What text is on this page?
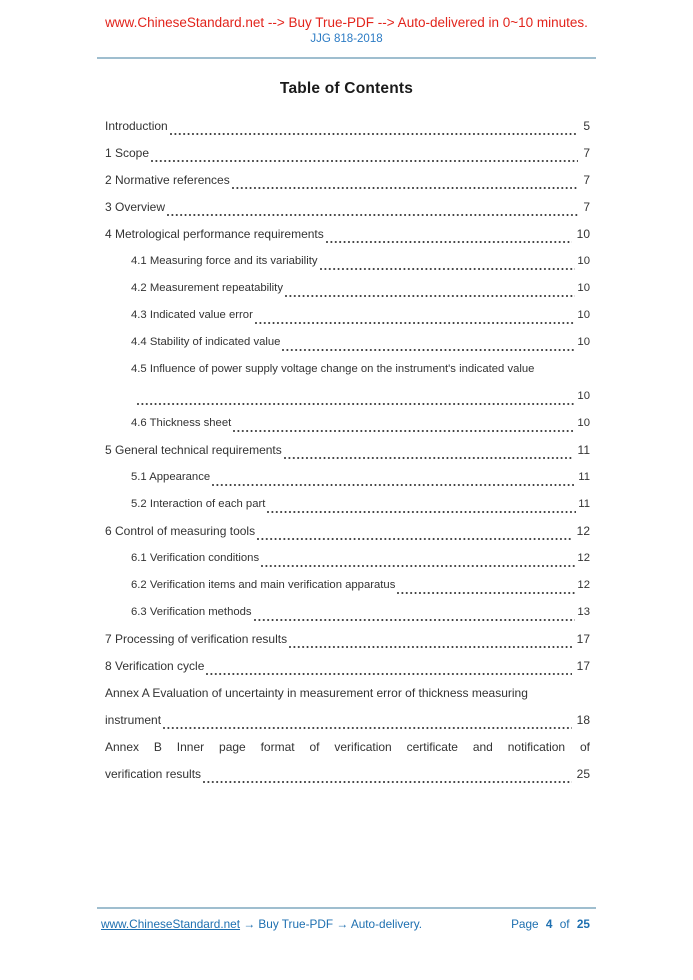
www.ChineseStandard.net --> Buy True-PDF --> Auto-delivered in 0~10 minutes.
JJG 818-2018
Table of Contents
Introduction	5
1 Scope	7
2 Normative references	7
3 Overview	7
4 Metrological performance requirements	10
4.1 Measuring force and its variability	10
4.2 Measurement repeatability	10
4.3 Indicated value error	10
4.4 Stability of indicated value	10
4.5 Influence of power supply voltage change on the instrument's indicated value
10
4.6 Thickness sheet	10
5 General technical requirements	11
5.1 Appearance	11
5.2 Interaction of each part	11
6 Control of measuring tools	12
6.1 Verification conditions	12
6.2 Verification items and main verification apparatus	12
6.3 Verification methods	13
7 Processing of verification results	17
8 Verification cycle	17
Annex A Evaluation of uncertainty in measurement error of thickness measuring
instrument	18
Annex B Inner page format of verification certificate and notification of
verification results	25
www.ChineseStandard.net → Buy True-PDF → Auto-delivery.	Page 4 of 25
